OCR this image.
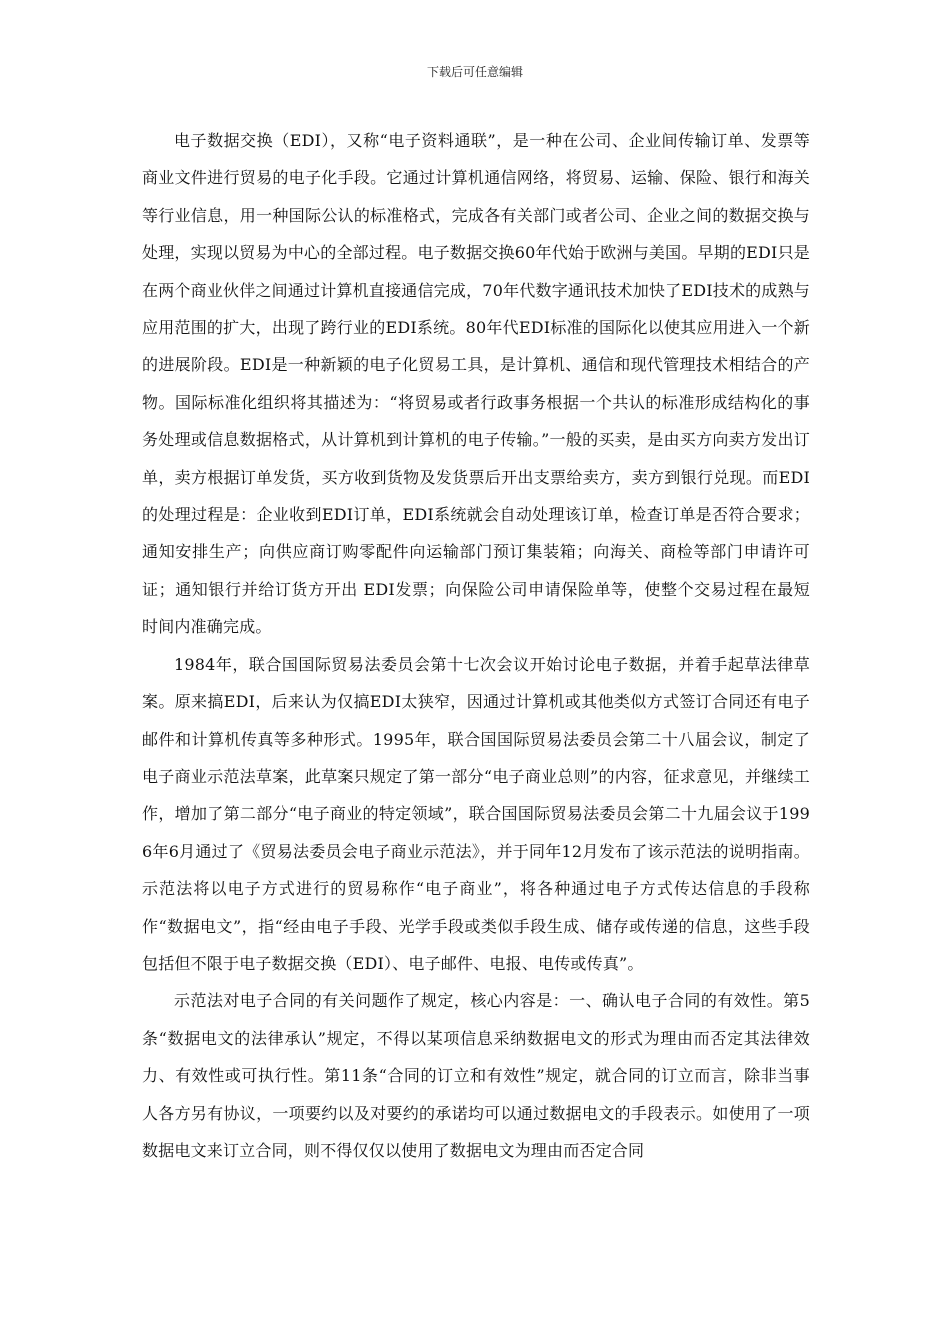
下载后可任意编辑

电子数据交换（EDI），又称“电子资料通联”，是一种在公司、企业间传输订单、发票等商业文件进行贸易的电子化手段。它通过计算机通信网络，将贸易、运输、保险、银行和海关等行业信息，用一种国际公认的标准格式，完成各有关部门或者公司、企业之间的数据交换与处理，实现以贸易为中心的全部过程。电子数据交换60年代始于欧洲与美国。早期的EDI只是在两个商业伙伴之间通过计算机直接通信完成，70年代数字通讯技术加快了EDI技术的成熟与应用范围的扩大，出现了跨行业的EDI系统。80年代EDI标准的国际化以使其应用进入一个新的进展阶段。EDI是一种新颖的电子化贸易工具，是计算机、通信和现代管理技术相结合的产物。国际标准化组织将其描述为：“将贸易或者行政事务根据一个共认的标准形成结构化的事务处理或信息数据格式，从计算机到计算机的电子传输。”一般的买卖，是由买方向卖方发出订单，卖方根据订单发货，买方收到货物及发货票后开出支票给卖方，卖方到银行兑现。而EDI的处理过程是：企业收到EDI订单，EDI系统就会自动处理该订单，检查订单是否符合要求；通知安排生产；向供应商订购零配件向运输部门预订集装箱；向海关、商检等部门申请许可证；通知银行并给订货方开出 EDI发票；向保险公司申请保险单等，使整个交易过程在最短时间内准确完成。

1984年，联合国国际贸易法委员会第十七次会议开始讨论电子数据，并着手起草法律草案。原来搞EDI，后来认为仅搞EDI太狭窄，因通过计算机或其他类似方式签订合同还有电子邮件和计算机传真等多种形式。1995年，联合国国际贸易法委员会第二十八届会议，制定了电子商业示范法草案，此草案只规定了第一部分“电子商业总则”的内容，征求意见，并继续工作，增加了第二部分“电子商业的特定领域”，联合国国际贸易法委员会第二十九届会议于1996年6月通过了《贸易法委员会电子商业示范法》，并于同年12月发布了该示范法的说明指南。示范法将以电子方式进行的贸易称作“电子商业”，将各种通过电子方式传达信息的手段称作“数据电文”，指“经由电子手段、光学手段或类似手段生成、储存或传递的信息，这些手段包括但不限于电子数据交换（EDI）、电子邮件、电报、电传或传真”。

示范法对电子合同的有关问题作了规定，核心内容是：一、确认电子合同的有效性。第5条“数据电文的法律承认”规定，不得以某项信息采纳数据电文的形式为理由而否定其法律效力、有效性或可执行性。第11条“合同的订立和有效性”规定，就合同的订立而言，除非当事人各方另有协议，一项要约以及对要约的承诺均可以通过数据电文的手段表示。如使用了一项数据电文来订立合同，则不得仅仅以使用了数据电文为理由而否定合同
